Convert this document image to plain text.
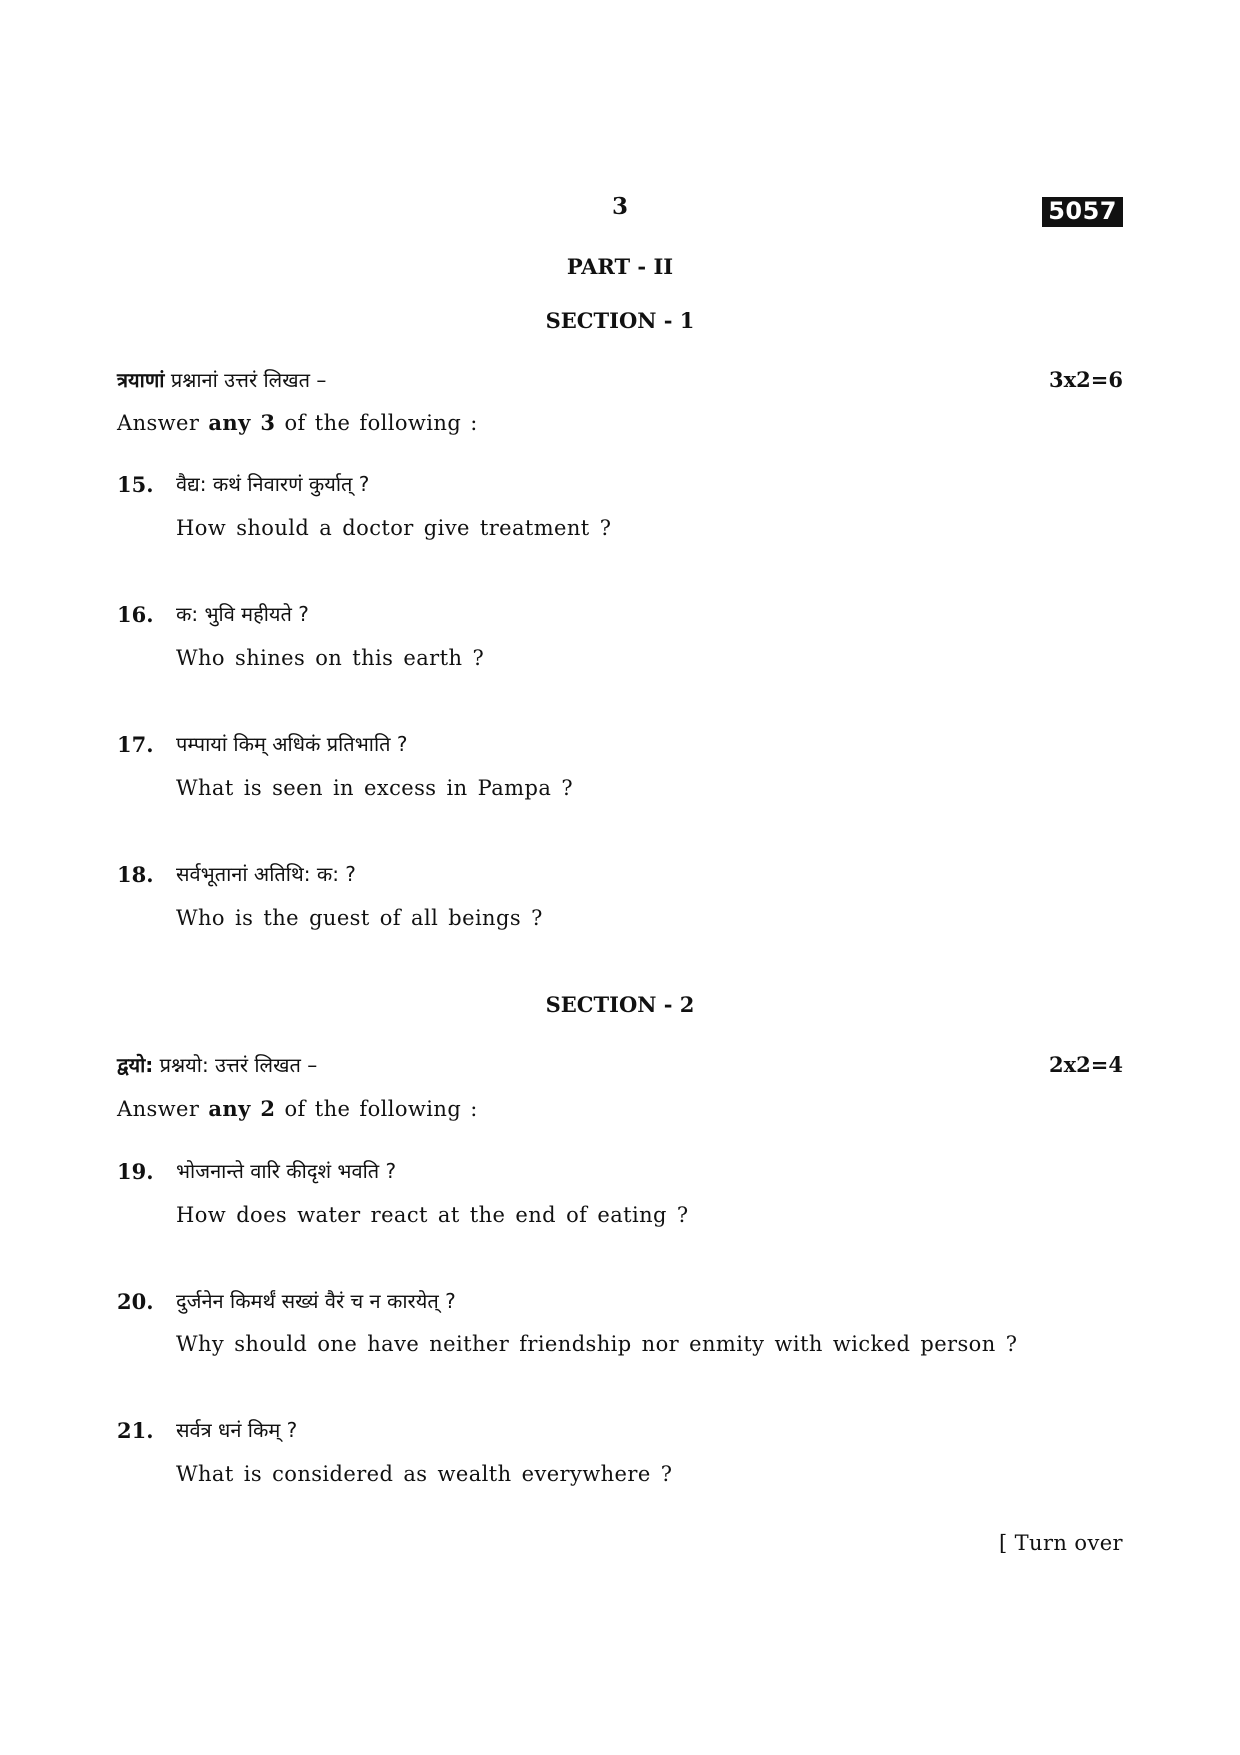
3	5057
PART - II
SECTION - 1
त्रयाणां प्रश्नानां उत्तरं लिखत –	3x2=6
Answer any 3 of the following :
15.	वैद्य: कथं निवारणं कुर्यात् ?
How should a doctor give treatment ?
16.	क: भुवि महीयते ?
Who shines on this earth ?
17.	पम्पायां किम् अधिकं प्रतिभाति ?
What is seen in excess in Pampa ?
18.	सर्वभूतानां अतिथि: क: ?
Who is the guest of all beings ?
SECTION - 2
द्वयो: प्रश्नयो: उत्तरं लिखत –	2x2=4
Answer any 2 of the following :
19.	भोजनान्ते वारि कीदृशं भवति ?
How does water react at the end of eating ?
20.	दुर्जनेन किमर्थं सख्यं वैरं च न कारयेत् ?
Why should one have neither friendship nor enmity with wicked person ?
21.	सर्वत्र धनं किम् ?
What is considered as wealth everywhere ?
[ Turn over
